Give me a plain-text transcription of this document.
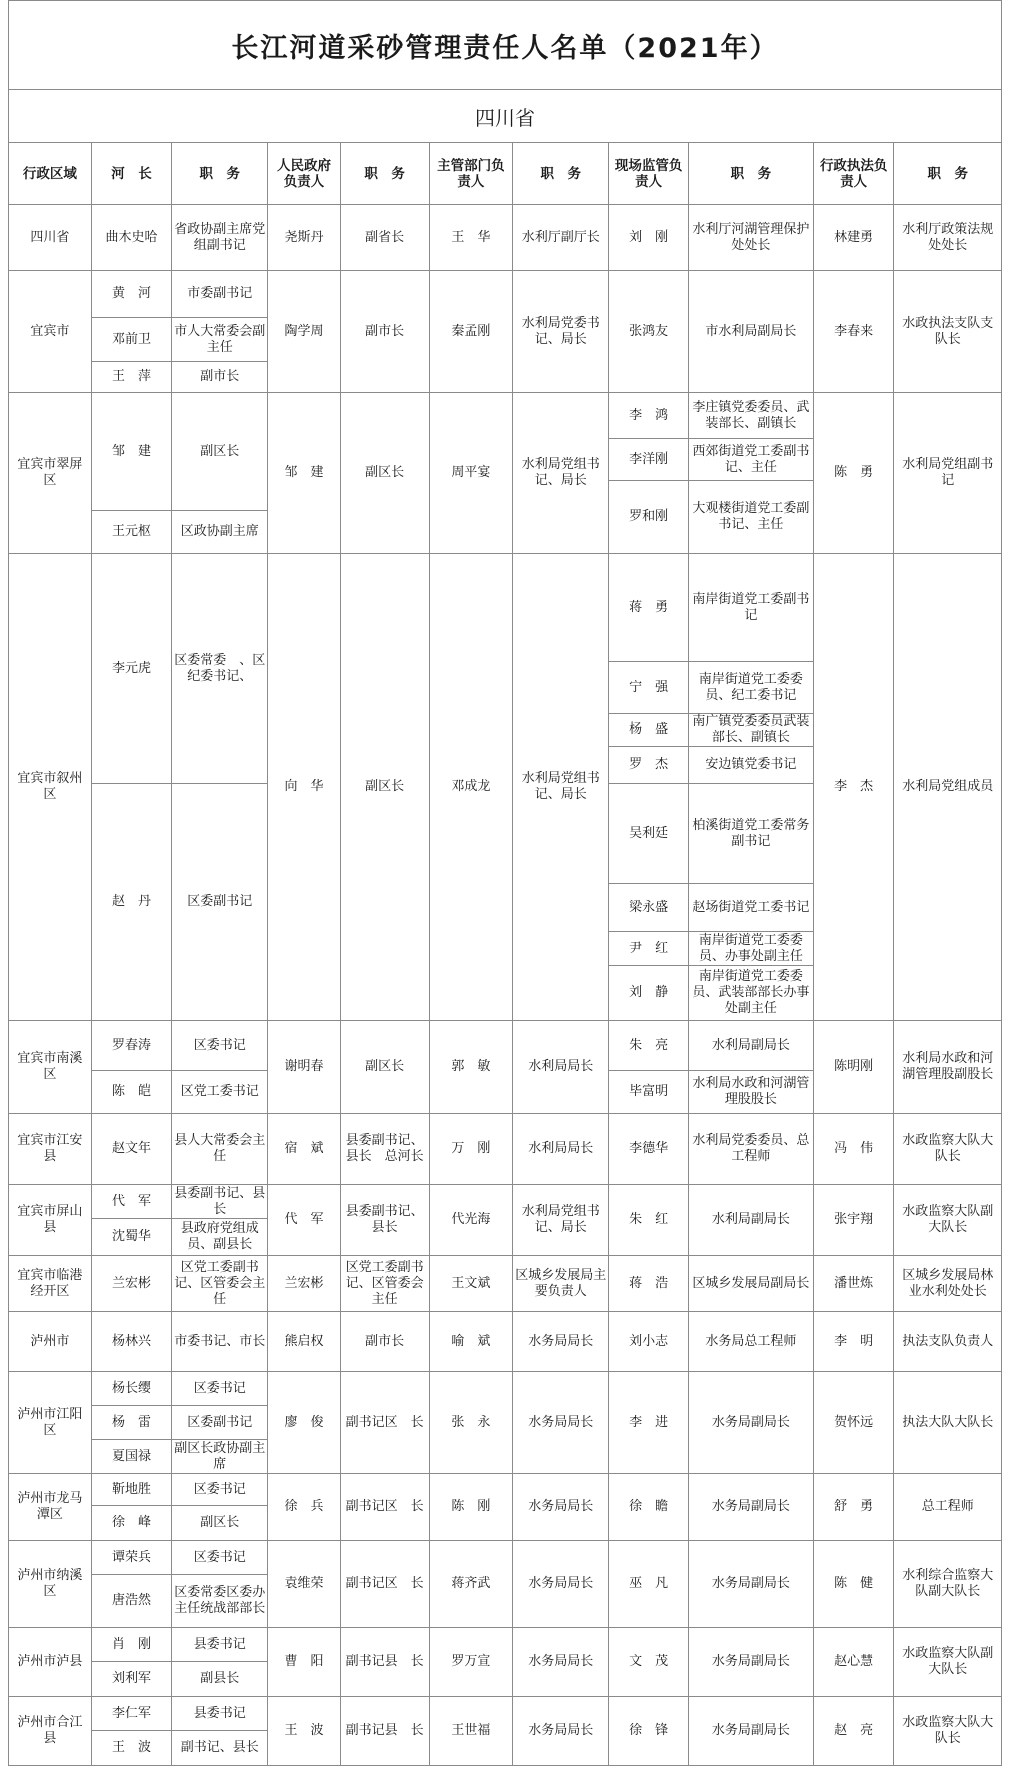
长江河道采砂管理责任人名单（2021年）
四川省
行政区域	河　长	职　务	人民政府负责人	职　务	主管部门负责人	职　务	现场监管负责人	职　务	行政执法负责人	职　务
四川省	曲木史哈	省政协副主席党组副书记	尧斯丹	副省长	王　华	水利厅副厅长	刘　刚	水利厅河湖管理保护处处长	林建勇	水利厅政策法规处处长
宜宾市	黄　河	市委副书记	陶学周	副市长	秦孟刚	水利局党委书记、局长	张鸿友	市水利局副局长	李春来	水政执法支队支队长
	邓前卫	市人大常委会副主任								
	王　萍	副市长								
宜宾市翠屏区	邹　建	副区长	邹　建	副区长	周平宴	水利局党组书记、局长	李　鸿	李庄镇党委委员、武装部长、副镇长	陈　勇	水利局党组副书记
							李洋刚	西郊街道党工委副书记、主任		
							罗和刚	大观楼街道党工委副书记、主任		
	王元枢	区政协副主席								
宜宾市叙州区	李元虎	区委常委　、区纪委书记、	向　华	副区长	邓成龙	水利局党组书记、局长	蒋　勇	南岸街道党工委副书记	李　杰	水利局党组成员

							宁　强	南岸街道党工委委员、纪工委书记		

							杨　盛	南广镇党委委员武装部长、副镇长		
							罗　杰	安边镇党委书记		
	赵　丹	区委副书记					吴利廷	柏溪街道党工委常务副书记		

							梁永盛	赵场街道党工委书记		
							尹　红	南岸街道党工委委员、办事处副主任		
							刘　静	南岸街道党工委委员、武装部部长办事处副主任		
宜宾市南溪区	罗春涛	区委书记	谢明春	副区长	郭　敏	水利局局长	朱　亮	水利局副局长	陈明刚	水利局水政和河湖管理股副股长
	陈　皑	区党工委书记					毕富明	水利局水政和河湖管理股股长		
宜宾市江安县	赵文年	县人大常委会主任	宿　斌	县委副书记、县长　总河长	万　刚	水利局局长	李德华	水利局党委委员、总工程师	冯　伟	水政监察大队大队长
宜宾市屏山县	代　军	县委副书记、县长	代　军	县委副书记、县长	代光海	水利局党组书记、局长	朱　红	水利局副局长	张宇翔	水政监察大队副大队长
	沈蜀华	县政府党组成员、副县长								
宜宾市临港经开区	兰宏彬	区党工委副书记、区管委会主任	兰宏彬	区党工委副书记、区管委会主任	王文斌	区城乡发展局主要负责人	蒋　浩	区城乡发展局副局长	潘世炼	区城乡发展局林业水利处处长
泸州市	杨林兴	市委书记、市长	熊启权	副市长	喻　斌	水务局局长	刘小志	水务局总工程师	李　明	执法支队负责人
泸州市江阳区	杨长缨	区委书记	廖　俊	副书记区　长	张　永	水务局局长	李　进	水务局副局长	贺怀远	执法大队大队长
	杨　雷	区委副书记								
	夏国禄	副区长政协副主席								
泸州市龙马潭区	靳地胜	区委书记	徐　兵	副书记区　长	陈　刚	水务局局长	徐　瞻	水务局副局长	舒　勇	总工程师
	徐　峰	副区长								
泸州市纳溪区	谭荣兵	区委书记	袁维荣	副书记区　长	蒋齐武	水务局局长	巫　凡	水务局副局长	陈　健	水利综合监察大队副大队长
	唐浩然	区委常委区委办主任统战部部长								
泸州市泸县	肖　刚	县委书记	曹　阳	副书记县　长	罗万宣	水务局局长	文　茂	水务局副局长	赵心慧	水政监察大队副大队长
	刘利军	副县长								
泸州市合江县	李仁军	县委书记	王　波	副书记县　长	王世福	水务局局长	徐　锋	水务局副局长	赵　亮	水政监察大队大队长
	王　波	副书记、县长								
